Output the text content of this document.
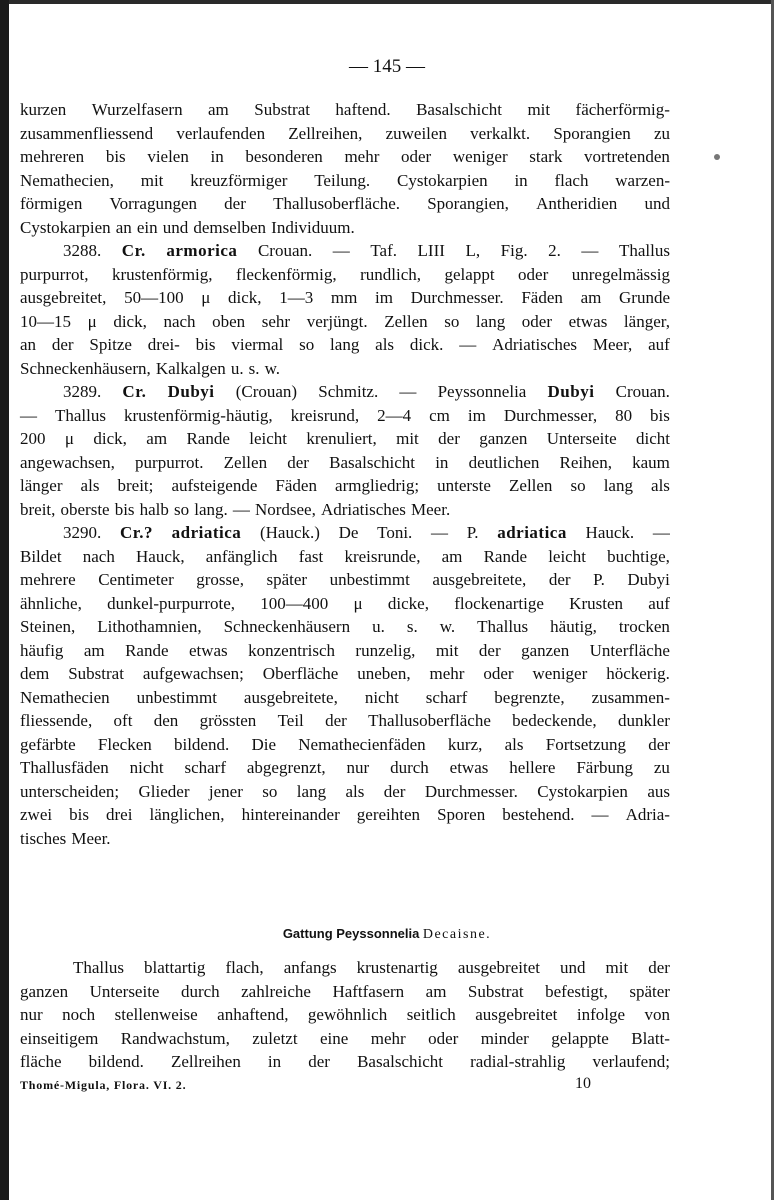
— 145 —
kurzen Wurzelfasern am Substrat haftend. Basalschicht mit fächerförmig-
zusammenfliessend verlaufenden Zellreihen, zuweilen verkalkt. Sporangien zu
mehreren bis vielen in besonderen mehr oder weniger stark vortretenden
Nemathecien, mit kreuzförmiger Teilung. Cystokarpien in flach warzen-
förmigen Vorragungen der Thallusoberfläche. Sporangien, Antheridien und
Cystokarpien an ein und demselben Individuum.
3288. Cr. armorica Crouan. — Taf. LIII L, Fig. 2. — Thallus
purpurrot, krustenförmig, fleckenförmig, rundlich, gelappt oder unregelmässig
ausgebreitet, 50—100 μ dick, 1—3 mm im Durchmesser. Fäden am Grunde
10—15 μ dick, nach oben sehr verjüngt. Zellen so lang oder etwas länger,
an der Spitze drei- bis viermal so lang als dick. — Adriatisches Meer, auf
Schneckenhäusern, Kalkalgen u. s. w.
3289. Cr. Dubyi (Crouan) Schmitz. — Peyssonnelia Dubyi Crouan.
— Thallus krustenförmig-häutig, kreisrund, 2—4 cm im Durchmesser, 80 bis
200 μ dick, am Rande leicht krenuliert, mit der ganzen Unterseite dicht
angewachsen, purpurrot. Zellen der Basalschicht in deutlichen Reihen, kaum
länger als breit; aufsteigende Fäden armgliedrig; unterste Zellen so lang als
breit, oberste bis halb so lang. — Nordsee, Adriatisches Meer.
3290. Cr.? adriatica (Hauck.) De Toni. — P. adriatica Hauck. —
Bildet nach Hauck, anfänglich fast kreisrunde, am Rande leicht buchtige,
mehrere Centimeter grosse, später unbestimmt ausgebreitete, der P. Dubyi
ähnliche, dunkel-purpurrote, 100—400 μ dicke, flockenartige Krusten auf
Steinen, Lithothamnien, Schneckenhäusern u. s. w. Thallus häutig, trocken
häufig am Rande etwas konzentrisch runzelig, mit der ganzen Unterfläche
dem Substrat aufgewachsen; Oberfläche uneben, mehr oder weniger höckerig.
Nemathecien unbestimmt ausgebreitete, nicht scharf begrenzte, zusammen-
fliessende, oft den grössten Teil der Thallusoberfläche bedeckende, dunkler
gefärbte Flecken bildend. Die Nemathecienfäden kurz, als Fortsetzung der
Thallusfäden nicht scharf abgegrenzt, nur durch etwas hellere Färbung zu
unterscheiden; Glieder jener so lang als der Durchmesser. Cystokarpien aus
zwei bis drei länglichen, hintereinander gereihten Sporen bestehend. — Adria-
tisches Meer.
Gattung Peyssonnelia Decaisne.
Thallus blattartig flach, anfangs krustenartig ausgebreitet und mit der
ganzen Unterseite durch zahlreiche Haftfasern am Substrat befestigt, später
nur noch stellenweise anhaftend, gewöhnlich seitlich ausgebreitet infolge von
einseitigem Randwachstum, zuletzt eine mehr oder minder gelappte Blatt-
fläche bildend. Zellreihen in der Basalschicht radial-strahlig verlaufend;
Thomé-Migula, Flora. VI. 2.	10
